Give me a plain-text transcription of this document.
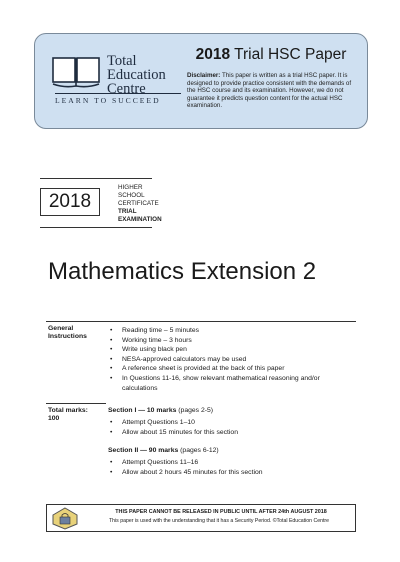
Total
Education
Centre
LEARN TO SUCCEED
2018 Trial HSC Paper
Disclaimer: This paper is written as a trial HSC paper. It is designed to provide practice consistent with the demands of the HSC course and its examination. However, we do not guarantee it predicts question content for the actual HSC examination.
2018
HIGHER
SCHOOL
CERTIFICATE
TRIAL EXAMINATION
Mathematics Extension 2
General
Instructions
• Reading time – 5 minutes
• Working time – 3 hours
• Write using black pen
• NESA-approved calculators may be used
• A reference sheet is provided at the back of this paper
• In Questions 11-16, show relevant mathematical reasoning and/or calculations
Total marks:
100
Section I — 10 marks (pages 2-5)
• Attempt Questions 1–10
• Allow about 15 minutes for this section
Section II — 90 marks (pages 6-12)
• Attempt Questions 11–16
• Allow about 2 hours 45 minutes for this section
THIS PAPER CANNOT BE RELEASED IN PUBLIC UNTIL AFTER 24th AUGUST 2018
This paper is used with the understanding that it has a Security Period. ©Total Education Centre
